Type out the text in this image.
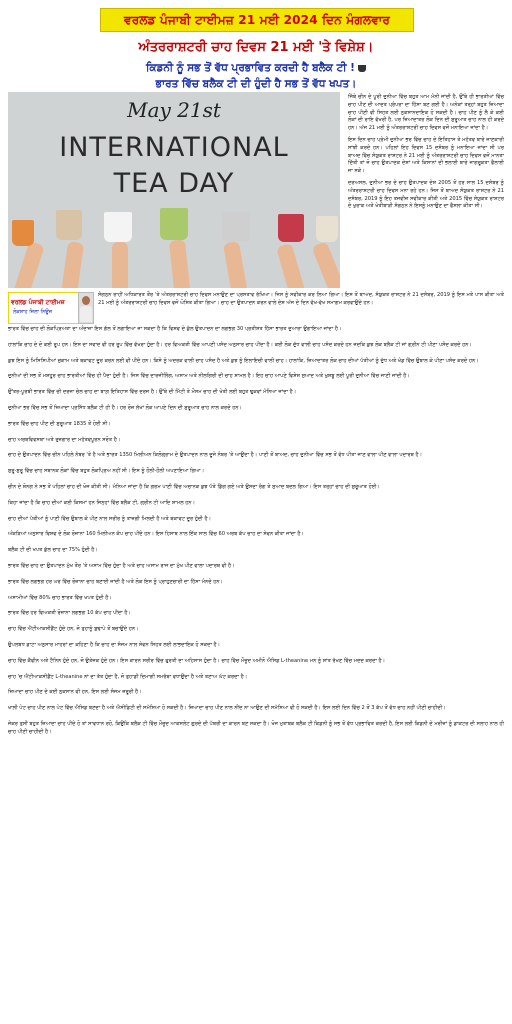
ਵਰਲਡ ਪੰਜਾਬੀ ਟਾਈਮਜ਼ 21 ਮਈ 2024 ਦਿਨ ਮੰਗਲਵਾਰ
ਅੰਤਰਰਾਸ਼ਟਰੀ ਚਾਹ ਦਿਵਸ 21 ਮਈ 'ਤੇ ਵਿਸ਼ੇਸ਼।
ਕਿਡਨੀ ਨੂੰ ਸਭ ਤੋਂ ਵੱਧ ਪ੍ਰਭਾਵਿਤ ਕਰਦੀ ਹੈ ਬਲੈਕ ਟੀ !
ਭਾਰਤ ਵਿੱਚ ਬਲੈਕ ਟੀ ਦੀ ਹੁੰਦੀ ਹੈ ਸਭ ਤੋਂ ਵੱਧ ਖਪਤ।
May 21st
INTERNATIONAL
TEA DAY

ਜਿੱਥੇ ਚੀਨ ਦੇ ਪੂਰੀ ਦੁਨੀਆ ਵਿੱਚ ਬਹੁਤ ਆਮ ਮੰਨੀ ਜਾਂਦੀ ਹੈ, ਉੱਥੇ ਹੀ ਭਾਰਤੀਆਂ ਵਿੱਚ ਚਾਹ ਪੀਣ ਦੀ ਆਦਤ ਪ੍ਰੰਪਰਾ ਦਾ ਹਿੱਸਾ ਬਣ ਗਈ ਹੈ। ਅਨੇਕਾਂ ਤਰ੍ਹਾਂ ਬਹੁਤ ਜ਼ਿਆਦਾ ਚਾਹ ਪੀਣੀ ਵੀ ਸਿਹਤ ਲਈ ਨੁਕਸਾਨਦਾਇਕ ਹੋ ਸਕਦੀ ਹੈ। ਚਾਹ ਪੀਣ ਨੂੰ ਲੈ ਕੇ ਕਈ ਲੋਕਾਂ ਦੀ ਰਾਇ ਵੱਖਰੀ ਹੈ, ਪਰ ਜ਼ਿਆਦਾਤਰ ਲੋਕ ਦਿਨ ਦੀ ਸ਼ੁਰੂਆਤ ਚਾਹ ਨਾਲ ਹੀ ਕਰਦੇ ਹਨ। ਅੱਜ 21 ਮਈ ਨੂੰ ਅੰਤਰਰਾਸ਼ਟਰੀ ਚਾਹ ਦਿਵਸ ਵਜੋਂ ਮਨਾਇਆ ਜਾਂਦਾ ਹੈ।

ਇਸ ਦਿਨ ਚਾਹ ਪ੍ਰੇਮੀ ਦੁਨੀਆ ਭਰ ਵਿੱਚ ਚਾਹ ਦੇ ਇਤਿਹਾਸ ਤੇ ਮਹੱਤਵ ਬਾਰੇ ਜਾਣਕਾਰੀ ਸਾਂਝੀ ਕਰਦੇ ਹਨ। ਪਹਿਲਾਂ ਇਹ ਦਿਵਸ 15 ਦਸੰਬਰ ਨੂੰ ਮਨਾਇਆ ਜਾਂਦਾ ਸੀ ਪਰ ਬਾਅਦ ਵਿੱਚ ਸੰਯੁਕਤ ਰਾਸ਼ਟਰ ਨੇ 21 ਮਈ ਨੂੰ ਅੰਤਰਰਾਸ਼ਟਰੀ ਚਾਹ ਦਿਵਸ ਵਜੋਂ ਮਾਨਤਾ ਦਿੱਤੀ ਤਾਂ ਜੋ ਚਾਹ ਉਤਪਾਦਕ ਦੇਸ਼ਾਂ ਅਤੇ ਕਿਸਾਨਾਂ ਦੀ ਭਲਾਈ ਬਾਰੇ ਜਾਗਰੂਕਤਾ ਫੈਲਾਈ ਜਾ ਸਕੇ।

ਦਰਅਸਲ, ਦੁਨੀਆ ਭਰ ਦੇ ਚਾਹ ਉਤਪਾਦਕ ਦੇਸ਼ 2005 ਤੋਂ ਹਰ ਸਾਲ 15 ਦਸੰਬਰ ਨੂੰ ਅੰਤਰਰਾਸ਼ਟਰੀ ਚਾਹ ਦਿਵਸ ਮਨਾ ਰਹੇ ਹਨ। ਜਿਸ ਤੋਂ ਬਾਅਦ ਸੰਯੁਕਤ ਰਾਸ਼ਟਰ ਨੇ 21 ਦਸੰਬਰ, 2019 ਨੂੰ ਇਹ ਤਜਵੀਜ਼ ਸਵੀਕਾਰ ਕੀਤੀ ਅਤੇ 2015 ਵਿੱਚ ਸੰਯੁਕਤ ਰਾਸ਼ਟਰ ਦੇ ਖੁਰਾਕ ਅਤੇ ਖੇਤੀਬਾੜੀ ਸੰਗਠਨ ਨੇ ਇਸਨੂੰ ਮਨਾਉਣ ਦਾ ਫੈਸਲਾ ਕੀਤਾ ਸੀ।

ਵਰਲਡ ਪੰਜਾਬੀ ਟਾਈਮਜ਼
ਲੋਕਸ਼ਾਹ ਜ਼ਿਲਾ ਨਿਊਜ਼

ਸੰਗਠਨ ਰਾਹੀਂ ਅਧਿਕਾਰਤ ਤੌਰ 'ਤੇ ਅੰਤਰਰਾਸ਼ਟਰੀ ਚਾਹ ਦਿਵਸ ਮਨਾਉਣ ਦਾ ਪ੍ਰਸਤਾਵ ਰੱਖਿਆ। ਜਿਸ ਨੂੰ ਸਵੀਕਾਰ ਕਰ ਲਿਆ ਗਿਆ। ਇਸ ਤੋਂ ਬਾਅਦ, ਸੰਯੁਕਤ ਰਾਸ਼ਟਰ ਨੇ 21 ਦਸੰਬਰ, 2019 ਨੂੰ ਇਸ ਮਤੇ ਪਾਸ ਕੀਤਾ ਅਤੇ 21 ਮਈ ਨੂੰ ਅੰਤਰਰਾਸ਼ਟਰੀ ਚਾਹ ਦਿਵਸ ਵਜੋਂ ਘੋਸ਼ਿਤ ਕੀਤਾ ਗਿਆ। ਚਾਹ ਦਾ ਉਤਪਾਦਨ ਕਰਨ ਵਾਲੇ ਦੇਸ਼ ਅੱਜ ਦੇ ਦਿਨ ਵੱਖ-ਵੱਖ ਸਮਾਗਮ ਕਰਵਾਉਂਦੇ ਹਨ।

ਭਾਰਤ ਵਿੱਚ ਚਾਹ ਦੀ ਲੋਕਪ੍ਰਿਅਤਾ ਦਾ ਅੰਦਾਜ਼ਾ ਇਸ ਗੱਲ ਤੋਂ ਲਗਾਇਆ ਜਾ ਸਕਦਾ ਹੈ ਕਿ ਵਿਸ਼ਵ ਦੇ ਕੁੱਲ ਉਤਪਾਦਨ ਦਾ ਲਗਭਗ 30 ਪ੍ਰਤੀਸ਼ਤ ਹਿੱਸਾ ਭਾਰਤ ਦੁਆਰਾ ਉਗਾਇਆ ਜਾਂਦਾ ਹੈ।

ਹਾਲਾਂਕਿ ਚਾਹ ਦੇ ਦੋ ਕਈ ਰੂਪ ਹਨ। ਇਸ ਦਾ ਸਵਾਦ ਵੀ ਹਰ ਰੂਪ ਵਿੱਚ ਵੱਖਰਾ ਹੁੰਦਾ ਹੈ। ਹਰ ਵਿਅਕਤੀ ਵਿੱਚ ਆਪਣੀ ਪਸੰਦ ਅਨੁਸਾਰ ਚਾਹ ਪੀਂਦਾ ਹੈ। ਕਈ ਲੋਕ ਦੁੱਧ ਵਾਲੀ ਚਾਹ ਪਸੰਦ ਕਰਦੇ ਹਨ ਜਦਕਿ ਕੁਝ ਲੋਕ ਬਲੈਕ ਟੀ ਜਾਂ ਗ੍ਰੀਨ ਟੀ ਪੀਣਾ ਪਸੰਦ ਕਰਦੇ ਹਨ।

ਕੁਝ ਇਸ ਨੂੰ ਮਿਸਿਸਿਪੀਆਂ ਜ਼ੁਕਾਮ ਅਤੇ ਥਕਾਵਟ ਦੂਰ ਕਰਨ ਲਈ ਵੀ ਪੀਂਦੇ ਹਨ। ਕਿਸੇ ਨੂੰ ਅਦਰਕ ਵਾਲੀ ਚਾਹ ਪਸੰਦ ਹੈ ਅਤੇ ਕੁਝ ਨੂੰ ਇਲਾਇਚੀ ਵਾਲੀ ਚਾਹ। ਹਾਲਾਂਕਿ, ਜ਼ਿਆਦਾਤਰ ਲੋਕ ਚਾਹ ਦੀਆਂ ਪੱਤੀਆਂ ਨੂੰ ਦੁੱਧ ਅਤੇ ਖੰਡ ਵਿੱਚ ਉਬਾਲ ਕੇ ਪੀਣਾ ਪਸੰਦ ਕਰਦੇ ਹਨ।

ਦੁਨੀਆਂ ਦੀ ਸਭ ਤੋਂ ਮਸ਼ਹੂਰ ਚਾਹ ਭਾਰਤੀਆਂ ਵਿੱਚ ਹੀ ਪੈਦਾ ਹੁੰਦੀ ਹੈ। ਜਿਸ ਵਿੱਚ ਦਾਰਜੀਲਿੰਗ, ਅਸਾਮ ਅਤੇ ਨੀਲਗਿਰੀ ਦੀ ਚਾਹ ਸ਼ਾਮਲ ਹੈ। ਇਹ ਚਾਹ ਆਪਣੇ ਵਿਸ਼ੇਸ਼ ਸੁਆਦ ਅਤੇ ਖੁਸ਼ਬੂ ਲਈ ਪੂਰੀ ਦੁਨੀਆ ਵਿੱਚ ਜਾਣੀ ਜਾਂਦੀ ਹੈ।

ਉੱਤਰ-ਪੂਰਬੀ ਭਾਰਤ ਵਿੱਚ ਚੀ ਦਰਜਾ ਚੇਲ ਚਾਹ ਦਾ ਬਾਗ਼ ਇਤਿਹਾਸ ਵਿੱਚ ਦਰਜ ਹੈ। ਉੱਥੇ ਦੀ ਮਿੱਟੀ ਤੇ ਮੌਸਮ ਚਾਹ ਦੀ ਖੇਤੀ ਲਈ ਬਹੁਤ ਢੁਕਵਾਂ ਮੰਨਿਆ ਜਾਂਦਾ ਹੈ।

ਦੁਨੀਆ ਭਰ ਵਿੱਚ ਸਭ ਤੋਂ ਜ਼ਿਆਦਾ ਪ੍ਰਸਿੱਧ ਬਲੈਕ ਟੀ ਹੀ ਹੈ। ਹਰ ਰੋਜ਼ ਲੱਖਾਂ ਲੋਕ ਆਪਣੇ ਦਿਨ ਦੀ ਸ਼ੁਰੂਆਤ ਚਾਹ ਨਾਲ ਕਰਦੇ ਹਨ।

ਭਾਰਤ ਵਿੱਚ ਚਾਹ ਪੀਣ ਦੀ ਸ਼ੁਰੂਆਤ 1835 ਤੋਂ ਹੋਈ ਸੀ।

ਚਾਹ ਅਰਥਵਿਵਸਥਾ ਅਤੇ ਰੁਜ਼ਗਾਰ ਦਾ ਮਹੱਤਵਪੂਰਨ ਸਰੋਤ ਹੈ।

ਚਾਹ ਦੇ ਉਤਪਾਦਨ ਵਿੱਚ ਚੀਨ ਪਹਿਲੇ ਨੰਬਰ 'ਤੇ ਹੈ ਅਤੇ ਭਾਰਤ 1350 ਮਿਲੀਅਨ ਕਿਲੋਗ੍ਰਾਮ ਦੇ ਉਤਪਾਦਨ ਨਾਲ ਦੂਜੇ ਨੰਬਰ 'ਤੇ ਆਉਂਦਾ ਹੈ। ਪਾਣੀ ਤੋਂ ਬਾਅਦ, ਚਾਹ ਦੁਨੀਆ ਵਿੱਚ ਸਭ ਤੋਂ ਵੱਧ ਪੀਤਾ ਜਾਣ ਵਾਲਾ ਪੀਣ ਵਾਲਾ ਪਦਾਰਥ ਹੈ।

ਸ਼ੁਰੂ-ਸ਼ੁਰੂ ਵਿੱਚ ਚਾਹ ਸਥਾਨਕ ਲੋਕਾਂ ਵਿੱਚ ਬਹੁਤ ਲੋਕਪ੍ਰਿਅ ਨਹੀਂ ਸੀ। ਇਸ ਨੂੰ ਹੌਲੀ-ਹੌਲੀ ਅਪਣਾਇਆ ਗਿਆ।

ਚੀਨ ਦੇ ਸ਼ੋਨਗ ਨੇ ਸਭ ਤੋਂ ਪਹਿਲਾਂ ਚਾਹ ਦੀ ਖੋਜ ਕੀਤੀ ਸੀ। ਮੰਨਿਆ ਜਾਂਦਾ ਹੈ ਕਿ ਗਰਮ ਪਾਣੀ ਵਿੱਚ ਅਚਾਨਕ ਕੁਝ ਪੱਤੇ ਡਿੱਗ ਗਏ ਅਤੇ ਉਸਦਾ ਰੰਗ ਤੇ ਸੁਆਦ ਬਦਲ ਗਿਆ। ਇਸ ਤਰ੍ਹਾਂ ਚਾਹ ਦੀ ਸ਼ੁਰੂਆਤ ਹੋਈ।

ਕਿਹਾ ਜਾਂਦਾ ਹੈ ਕਿ ਚਾਹ ਦੀਆਂ ਕਈ ਕਿਸਮਾਂ ਹਨ ਜਿਨ੍ਹਾਂ ਵਿੱਚ ਬਲੈਕ ਟੀ, ਗ੍ਰੀਨ ਟੀ ਆਦਿ ਸ਼ਾਮਲ ਹਨ।

ਚਾਹ ਦੀਆਂ ਪੱਤੀਆਂ ਨੂੰ ਪਾਣੀ ਵਿੱਚ ਉਬਾਲ ਕੇ ਪੀਣ ਨਾਲ ਸਰੀਰ ਨੂੰ ਤਾਜ਼ਗੀ ਮਿਲਦੀ ਹੈ ਅਤੇ ਥਕਾਵਟ ਦੂਰ ਹੁੰਦੀ ਹੈ।

ਅੰਕੜਿਆਂ ਅਨੁਸਾਰ ਵਿਸ਼ਵ ਦੇ ਲੋਕ ਰੋਜ਼ਾਨਾ 160 ਮਿਲੀਅਨ ਕੱਪ ਚਾਹ ਪੀਂਦੇ ਹਨ। ਇਸ ਹਿਸਾਬ ਨਾਲ ਇੱਕ ਸਾਲ ਵਿੱਚ 60 ਅਰਬ ਕੱਪ ਚਾਹ ਦਾ ਸੇਵਨ ਕੀਤਾ ਜਾਂਦਾ ਹੈ।

ਬਲੈਕ ਟੀ ਦੀ ਖਪਤ ਕੁੱਲ ਚਾਹ ਦਾ 75% ਹੁੰਦੀ ਹੈ।

ਭਾਰਤ ਵਿੱਚ ਚਾਹ ਦਾ ਉਤਪਾਦਨ ਮੁੱਖ ਤੌਰ 'ਤੇ ਅਸਾਮ ਵਿੱਚ ਹੁੰਦਾ ਹੈ ਅਤੇ ਚਾਹ ਅਸਾਮ ਰਾਜ ਦਾ ਮੁੱਖ ਪੀਣ ਵਾਲਾ ਪਦਾਰਥ ਵੀ ਹੈ।

ਭਾਰਤ ਵਿੱਚ ਲਗਭਗ ਹਰ ਘਰ ਵਿੱਚ ਰੋਜ਼ਾਨਾ ਚਾਹ ਬਣਾਈ ਜਾਂਦੀ ਹੈ ਅਤੇ ਲੋਕ ਇਸ ਨੂੰ ਪ੍ਰਾਹੁਣਚਾਰੀ ਦਾ ਹਿੱਸਾ ਮੰਨਦੇ ਹਨ।

ਅਸਾਮੀਆਂ ਵਿੱਚ 80% ਚਾਹ ਭਾਰਤ ਵਿੱਚ ਖਪਤ ਹੁੰਦੀ ਹੈ।

ਭਾਰਤ ਵਿੱਚ ਹਰ ਵਿਅਕਤੀ ਰੋਜ਼ਾਨਾ ਲਗਭਗ 10 ਕੱਪ ਚਾਹ ਪੀਂਦਾ ਹੈ।

ਚਾਹ ਵਿੱਚ ਐਂਟੀਆਕਸੀਡੈਂਟ ਹੁੰਦੇ ਹਨ, ਜੋ ਤੁਹਾਨੂੰ ਬੁਢਾਪੇ ਤੋਂ ਬਚਾਉਂਦੇ ਹਨ।

ਉਪਲਬਧ ਡਾਟਾ ਅਨੁਸਾਰ ਮਾਹਰਾਂ ਦਾ ਕਹਿਣਾ ਹੈ ਕਿ ਚਾਹ ਦਾ ਸੰਜਮ ਨਾਲ ਸੇਵਨ ਸਿਹਤ ਲਈ ਲਾਭਦਾਇਕ ਹੋ ਸਕਦਾ ਹੈ।

ਚਾਹ ਵਿੱਚ ਕੈਫੀਨ ਅਤੇ ਟੈਨਿਨ ਹੁੰਦੇ ਹਨ, ਜੋ ਉਤੇਜਕ ਹੁੰਦੇ ਹਨ। ਇਸ ਕਾਰਨ ਸਰੀਰ ਵਿੱਚ ਫੁਰਤੀ ਦਾ ਅਹਿਸਾਸ ਹੁੰਦਾ ਹੈ। ਚਾਹ ਵਿੱਚ ਮੌਜੂਦ ਅਮੀਨੋ ਐਸਿਡ L-theanine ਮਨ ਨੂੰ ਸ਼ਾਂਤ ਰੱਖਣ ਵਿੱਚ ਮਦਦ ਕਰਦਾ ਹੈ।

ਚਾਹ 'ਚ ਐਂਟੀਆਕਸੀਡੈਂਟ L-theanine ਨਾਂ ਦਾ ਤੱਤ ਹੁੰਦਾ ਹੈ, ਜੋ ਤੁਹਾਡੀ ਦਿਮਾਗੀ ਸਮਰੱਥਾ ਵਧਾਉਂਦਾ ਹੈ ਅਤੇ ਤਣਾਅ ਘੱਟ ਕਰਦਾ ਹੈ।

ਜ਼ਿਆਦਾ ਚਾਹ ਪੀਣ ਦੇ ਕਈ ਨੁਕਸਾਨ ਵੀ ਹਨ, ਇਸ ਲਈ ਸੰਜਮ ਜ਼ਰੂਰੀ ਹੈ।

ਖਾਲੀ ਪੇਟ ਚਾਹ ਪੀਣ ਨਾਲ ਪੇਟ ਵਿੱਚ ਐਸਿਡ ਬਣਦਾ ਹੈ ਅਤੇ ਐਸੀਡਿਟੀ ਦੀ ਸਮੱਸਿਆ ਹੋ ਸਕਦੀ ਹੈ। ਜ਼ਿਆਦਾ ਚਾਹ ਪੀਣ ਨਾਲ ਨੀਂਦ ਨਾ ਆਉਣ ਦੀ ਸਮੱਸਿਆ ਵੀ ਹੋ ਸਕਦੀ ਹੈ। ਇਸ ਲਈ ਦਿਨ ਵਿੱਚ 2 ਤੋਂ 3 ਕੱਪ ਤੋਂ ਵੱਧ ਚਾਹ ਨਹੀਂ ਪੀਣੀ ਚਾਹੀਦੀ।

ਜੇਕਰ ਤੁਸੀਂ ਬਹੁਤ ਜ਼ਿਆਦਾ ਚਾਹ ਪੀਂਦੇ ਹੋ ਤਾਂ ਸਾਵਧਾਨ ਰਹੋ, ਕਿਉਂਕਿ ਬਲੈਕ ਟੀ ਵਿੱਚ ਮੌਜੂਦ ਆਕਸਲੇਟ ਗੁਰਦੇ ਦੀ ਪੱਥਰੀ ਦਾ ਕਾਰਨ ਬਣ ਸਕਦਾ ਹੈ। ਖੋਜ ਮੁਤਾਬਕ ਬਲੈਕ ਟੀ ਕਿਡਨੀ ਨੂੰ ਸਭ ਤੋਂ ਵੱਧ ਪ੍ਰਭਾਵਿਤ ਕਰਦੀ ਹੈ, ਇਸ ਲਈ ਕਿਡਨੀ ਦੇ ਮਰੀਜ਼ਾਂ ਨੂੰ ਡਾਕਟਰ ਦੀ ਸਲਾਹ ਨਾਲ ਹੀ ਚਾਹ ਪੀਣੀ ਚਾਹੀਦੀ ਹੈ।
